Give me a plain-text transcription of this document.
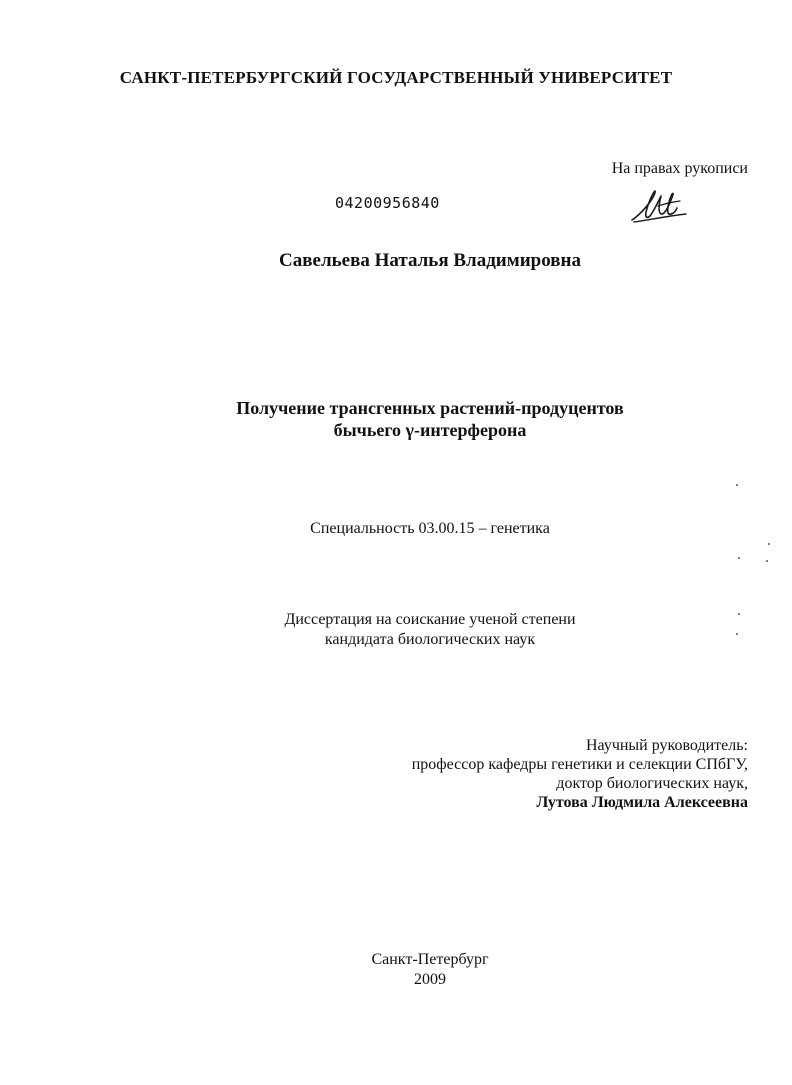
САНКТ-ПЕТЕРБУРГСКИЙ ГОСУДАРСТВЕННЫЙ УНИВЕРСИТЕТ
На правах рукописи
04200956840
Савельева Наталья Владимировна
Получение трансгенных растений-продуцентов
бычьего γ-интерферона
Специальность 03.00.15 – генетика
Диссертация на соискание ученой степени
кандидата биологических наук
Научный руководитель:
профессор кафедры генетики и селекции СПбГУ,
доктор биологических наук,
Лутова Людмила Алексеевна
Санкт-Петербург
2009
